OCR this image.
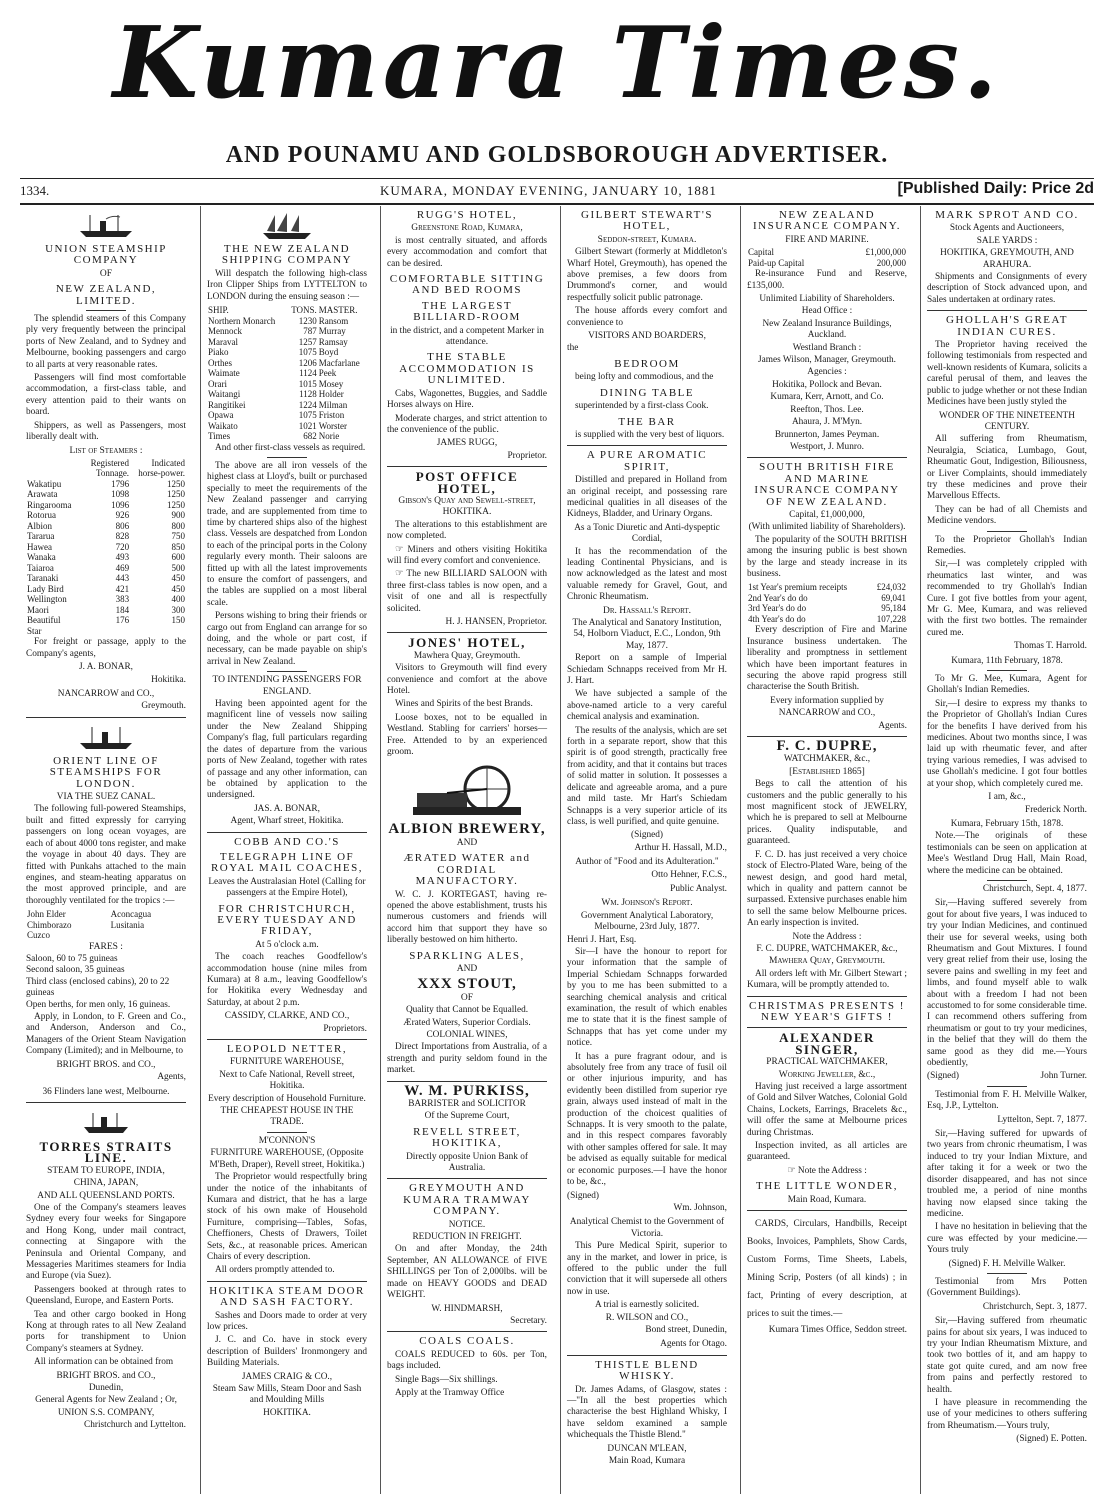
Kumara Times.
AND POUNAMU AND GOLDSBOROUGH ADVERTISER.
1334.	KUMARA, MONDAY EVENING, JANUARY 10, 1881	[Published Daily: Price 2d
UNION STEAMSHIP COMPANY
OF
NEW ZEALAND, LIMITED.
The splendid steamers of this Company ply very frequently between the principal ports of New Zealand, and to Sydney and Melbourne, booking passengers and cargo to all parts at very reasonable rates.
Passengers will find most comfortable accommodation, a first-class table, and every attention paid to their wants on board.
Shippers, as well as Passengers, most liberally dealt with.
List of Steamers :
	Registered Tonnage.	Indicated horse-power.
Wakatipu	1796	1250
Arawata	1098	1250
Ringarooma	1096	1250
Rotorua	926	900
Albion	806	800
Tararua	828	750
Hawea	720	850
Wanaka	493	600
Taiaroa	469	500
Taranaki	443	450
Lady Bird	421	450
Wellington	383	400
Maori	184	300
Beautiful Star	176	150
For freight or passage, apply to the Company's agents,
J. A. BONAR,
Hokitika.
NANCARROW and CO.,
Greymouth.
ORIENT LINE OF STEAMSHIPS FOR LONDON.
VIA THE SUEZ CANAL.
The following full-powered Steamships, built and fitted expressly for carrying passengers on long ocean voyages, are each of about 4000 tons register, and make the voyage in about 40 days. They are fitted with Punkahs attached to the main engines, and steam-heating apparatus on the most approved principle, and are thoroughly ventilated for the tropics :—
John Elder	Aconcagua
Chimborazo	Lusitania
Cuzco	
FARES :
Saloon, 60 to 75 guineas
Second saloon, 35 guineas
Third class (enclosed cabins), 20 to 22 guineas
Open berths, for men only, 16 guineas.
Apply, in London, to F. Green and Co., and Anderson, Anderson and Co., Managers of the Orient Steam Navigation Company (Limited); and in Melbourne, to
BRIGHT BROS. and CO.,
Agents,
36 Flinders lane west, Melbourne.
TORRES STRAITS LINE.
STEAM TO EUROPE, INDIA,
CHINA, JAPAN,
AND ALL QUEENSLAND PORTS.
One of the Company's steamers leaves Sydney every four weeks for Singapore and Hong Kong, under mail contract, connecting at Singapore with the Peninsula and Oriental Company, and Messageries Maritimes steamers for India and Europe (via Suez).
Passengers booked at through rates to Queensland, Europe, and Eastern Ports.
Tea and other cargo booked in Hong Kong at through rates to all New Zealand ports for transhipment to Union Company's steamers at Sydney.
All information can be obtained from
BRIGHT BROS. and CO.,
Dunedin,
General Agents for New Zealand ; Or,
UNION S.S. COMPANY,
Christchurch and Lyttelton.
THE NEW ZEALAND SHIPPING COMPANY
Will despatch the following high-class Iron Clipper Ships from LYTTELTON to LONDON during the ensuing season :—
SHIP.	TONS.	MASTER.
Northern Monarch	1230	Ransom
Mennock	787	Murray
Maraval	1257	Ramsay
Piako	1075	Boyd
Orthes	1206	Macfarlane
Waimate	1124	Peek
Orari	1015	Mosey
Waitangi	1128	Holder
Rangitikei	1224	Milman
Opawa	1075	Friston
Waikato	1021	Worster
Times	682	Norie
And other first-class vessels as required.
The above are all iron vessels of the highest class at Lloyd's, built or purchased specially to meet the requirements of the New Zealand passenger and carrying trade, and are supplemented from time to time by chartered ships also of the highest class. Vessels are despatched from London to each of the principal ports in the Colony regularly every month. Their saloons are fitted up with all the latest improvements to ensure the comfort of passengers, and the tables are supplied on a most liberal scale.
Persons wishing to bring their friends or cargo out from England can arrange for so doing, and the whole or part cost, if necessary, can be made payable on ship's arrival in New Zealand.
TO INTENDING PASSENGERS FOR ENGLAND.
Having been appointed agent for the magnificent line of vessels now sailing under the New Zealand Shipping Company's flag, full particulars regarding the dates of departure from the various ports of New Zealand, together with rates of passage and any other information, can be obtained by application to the undersigned.
JAS. A. BONAR,
Agent, Wharf street, Hokitika.
COBB AND CO.'S
TELEGRAPH LINE OF ROYAL MAIL COACHES,
Leaves the Australasian Hotel (Calling for passengers at the Empire Hotel),
FOR CHRISTCHURCH, EVERY TUESDAY AND FRIDAY,
At 5 o'clock a.m.
The coach reaches Goodfellow's accommodation house (nine miles from Kumara) at 8 a.m., leaving Goodfellow's for Hokitika every Wednesday and Saturday, at about 2 p.m.
CASSIDY, CLARKE, AND CO.,
Proprietors.
LEOPOLD NETTER,
FURNITURE WAREHOUSE,
Next to Cafe National, Revell street, Hokitika.
Every description of Household Furniture.
THE CHEAPEST HOUSE IN THE TRADE.
M'CONNON'S
FURNITURE WAREHOUSE, (Opposite M'Beth, Draper), Revell street, Hokitika.)
The Proprietor would respectfully bring under the notice of the inhabitants of Kumara and district, that he has a large stock of his own make of Household Furniture, comprising—Tables, Sofas, Cheffioners, Chests of Drawers, Toilet Sets, &c., at reasonable prices. American Chairs of every description.
All orders promptly attended to.
HOKITIKA STEAM DOOR AND SASH FACTORY.
Sashes and Doors made to order at very low prices.
J. C. and Co. have in stock every description of Builders' Ironmongery and Building Materials.
JAMES CRAIG & CO.,
Steam Saw Mills, Steam Door and Sash and Moulding Mills
HOKITIKA.
RUGG'S HOTEL,
Greenstone Road, Kumara,
is most centrally situated, and affords every accommodation and comfort that can be desired.
COMFORTABLE SITTING AND BED ROOMS
THE LARGEST BILLIARD-ROOM
in the district, and a competent Marker in attendance.
THE STABLE ACCOMMODATION IS UNLIMITED.
Cabs, Wagonettes, Buggies, and Saddle Horses always on Hire.
Moderate charges, and strict attention to the convenience of the public.
JAMES RUGG,
Proprietor.
POST OFFICE HOTEL,
Gibson's Quay and Sewell-street, HOKITIKA.
The alterations to this establishment are now completed.
☞ Miners and others visiting Hokitika will find every comfort and convenience.
☞ The new BILLIARD SALOON with three first-class tables is now open, and a visit of one and all is respectfully solicited.
H. J. HANSEN, Proprietor.
JONES' HOTEL,
Mawhera Quay, Greymouth.
Visitors to Greymouth will find every convenience and comfort at the above Hotel.
Wines and Spirits of the best Brands.
Loose boxes, not to be equalled in Westland. Stabling for carriers' horses—Free. Attended to by an experienced groom.
ALBION BREWERY,
AND
ÆRATED WATER and CORDIAL MANUFACTORY.
W. C. J. KORTEGAST, having re-opened the above establishment, trusts his numerous customers and friends will accord him that support they have so liberally bestowed on him hitherto.
SPARKLING ALES,
AND
XXX STOUT,
OF
Quality that Cannot be Equalled.
Ærated Waters, Superior Cordials.
COLONIAL WINES,
Direct Importations from Australia, of a strength and purity seldom found in the market.
W. M. PURKISS,
BARRISTER and SOLICITOR
Of the Supreme Court,
REVELL STREET, HOKITIKA,
Directly opposite Union Bank of Australia.
GREYMOUTH AND KUMARA TRAMWAY COMPANY.
NOTICE.
REDUCTION IN FREIGHT.
On and after Monday, the 24th September, AN ALLOWANCE of FIVE SHILLINGS per Ton of 2,000lbs. will be made on HEAVY GOODS and DEAD WEIGHT.
W. HINDMARSH,
Secretary.
COALS COALS.
COALS REDUCED to 60s. per Ton, bags included.
Single Bags—Six shillings.
Apply at the Tramway Office
GILBERT STEWART'S HOTEL,
Seddon-street, Kumara.
Gilbert Stewart (formerly at Middleton's Wharf Hotel, Greymouth), has opened the above premises, a few doors from Drummond's corner, and would respectfully solicit public patronage.
The house affords every comfort and convenience to
VISITORS AND BOARDERS,
the
BEDROOM
being lofty and commodious, and the
DINING TABLE
superintended by a first-class Cook.
THE BAR
is supplied with the very best of liquors.
A PURE AROMATIC SPIRIT,
Distilled and prepared in Holland from an original receipt, and possessing rare medicinal qualities in all diseases of the Kidneys, Bladder, and Urinary Organs.
As a Tonic Diuretic and Anti-dyspeptic Cordial,
It has the recommendation of the leading Continental Physicians, and is now acknowledged as the latest and most valuable remedy for Gravel, Gout, and Chronic Rheumatism.
Dr. Hassall's Report.
The Analytical and Sanatory Institution, 54, Holborn Viaduct, E.C., London, 9th May, 1877.
Report on a sample of Imperial Schiedam Schnapps received from Mr H. J. Hart.
We have subjected a sample of the above-named article to a very careful chemical analysis and examination.
The results of the analysis, which are set forth in a separate report, show that this spirit is of good strength, practically free from acidity, and that it contains but traces of solid matter in solution. It possesses a delicate and agreeable aroma, and a pure and mild taste. Mr Hart's Schiedam Schnapps is a very superior article of its class, is well purified, and quite genuine.
(Signed)
Arthur H. Hassall, M.D.,
Author of "Food and its Adulteration."
Otto Hehner, F.C.S.,
Public Analyst.
Wm. Johnson's Report.
Government Analytical Laboratory, Melbourne, 23rd July, 1877.
Henri J. Hart, Esq.
Sir—I have the honour to report for your information that the sample of Imperial Schiedam Schnapps forwarded by you to me has been submitted to a searching chemical analysis and critical examination, the result of which enables me to state that it is the finest sample of Schnapps that has yet come under my notice.
It has a pure fragrant odour, and is absolutely free from any trace of fusil oil or other injurious impurity, and has evidently been distilled from superior rye grain, always used instead of malt in the production of the choicest qualities of Schnapps. It is very smooth to the palate, and in this respect compares favorably with other samples offered for sale. It may be advised as equally suitable for medical or economic purposes.—I have the honor to be, &c.,
(Signed)
Wm. Johnson,
Analytical Chemist to the Government of Victoria.
This Pure Medical Spirit, superior to any in the market, and lower in price, is offered to the public under the full conviction that it will supersede all others now in use.
A trial is earnestly solicited.
R. WILSON and CO.,
Bond street, Dunedin,
Agents for Otago.
THISTLE BLEND WHISKY.
Dr. James Adams, of Glasgow, states :—"In all the best properties which characterise the best Highland Whisky, I have seldom examined a sample whichequals the Thistle Blend."
DUNCAN M'LEAN,
Main Road, Kumara
NEW ZEALAND INSURANCE COMPANY.
FIRE AND MARINE.
Capital	£1,000,000
Paid-up Capital	200,000
Re-insurance Fund and Reserve, £135,000.
Unlimited Liability of Shareholders.
Head Office :
New Zealand Insurance Buildings, Auckland.
Westland Branch :
James Wilson, Manager, Greymouth.
Agencies :
Hokitika, Pollock and Bevan.
Kumara, Kerr, Arnott, and Co.
Reefton, Thos. Lee.
Ahaura, J. M'Myn.
Brunnerton, James Peyman.
Westport, J. Munro.
SOUTH BRITISH FIRE AND MARINE INSURANCE COMPANY OF NEW ZEALAND.
Capital, £1,000,000,
(With unlimited liability of Shareholders).
The popularity of the SOUTH BRITISH among the insuring public is best shown by the large and steady increase in its business.
1st Year's premium receipts	£24,032
2nd Year's do do	69,041
3rd Year's do do	95,184
4th Year's do do	107,228
Every description of Fire and Marine Insurance business undertaken. The liberality and promptness in settlement which have been important features in securing the above rapid progress still characterise the South British.
Every information supplied by
NANCARROW and CO.,
Agents.
F. C. DUPRE,
WATCHMAKER, &c.,
[Established 1865]
Begs to call the attention of his customers and the public generally to his most magnificent stock of JEWELRY, which he is prepared to sell at Melbourne prices. Quality indisputable, and guaranteed.
F. C. D. has just received a very choice stock of Electro-Plated Ware, being of the newest design, and good hard metal, which in quality and pattern cannot be surpassed. Extensive purchases enable him to sell the same below Melbourne prices. An early inspection is invited.
Note the Address :
F. C. DUPRE, WATCHMAKER, &c.,
Mawhera Quay, Greymouth.
All orders left with Mr. Gilbert Stewart ; Kumara, will be promptly attended to.
CHRISTMAS PRESENTS ! NEW YEAR'S GIFTS !
ALEXANDER SINGER,
PRACTICAL WATCHMAKER,
Working Jeweller, &c.,
Having just received a large assortment of Gold and Silver Watches, Colonial Gold Chains, Lockets, Earrings, Bracelets &c., will offer the same at Melbourne prices during Christmas.
Inspection invited, as all articles are guaranteed.
☞ Note the Address :
THE LITTLE WONDER,
Main Road, Kumara.
CARDS, Circulars, Handbills, Receipt Books, Invoices, Pamphlets, Show Cards, Custom Forms, Time Sheets, Labels, Mining Scrip, Posters (of all kinds) ; in fact, Printing of every description, at prices to suit the times.—
Kumara Times Office, Seddon street.
MARK SPROT AND CO.
Stock Agents and Auctioneers,
SALE YARDS :
HOKITIKA, GREYMOUTH, AND ARAHURA.
Shipments and Consignments of every description of Stock advanced upon, and Sales undertaken at ordinary rates.
GHOLLAH'S GREAT INDIAN CURES.
The Proprietor having received the following testimonials from respected and well-known residents of Kumara, solicits a careful perusal of them, and leaves the public to judge whether or not these Indian Medicines have been justly styled the
WONDER OF THE NINETEENTH CENTURY.
All suffering from Rheumatism, Neuralgia, Sciatica, Lumbago, Gout, Rheumatic Gout, Indigestion, Biliousness, or Liver Complaints, should immediately try these medicines and prove their Marvellous Effects.
They can be had of all Chemists and Medicine vendors.
To the Proprietor Ghollah's Indian Remedies.
Sir,—I was completely crippled with rheumatics last winter, and was recommended to try Ghollah's Indian Cure. I got five bottles from your agent, Mr G. Mee, Kumara, and was relieved with the first two bottles. The remainder cured me.
Thomas T. Harrold.
Kumara, 11th February, 1878.
To Mr G. Mee, Kumara, Agent for Ghollah's Indian Remedies.
Sir,—I desire to express my thanks to the Proprietor of Ghollah's Indian Cures for the benefits I have derived from his medicines. About two months since, I was laid up with rheumatic fever, and after trying various remedies, I was advised to use Ghollah's medicine. I got four bottles at your shop, which completely cured me.
I am, &c.,
Frederick North.
Kumara, February 15th, 1878.
Note.—The originals of these testimonials can be seen on application at Mee's Westland Drug Hall, Main Road, where the medicine can be obtained.
Christchurch, Sept. 4, 1877.
Sir,—Having suffered severely from gout for about five years, I was induced to try your Indian Medicines, and continued their use for several weeks, using both Rheumatism and Gout Mixtures. I found very great relief from their use, losing the severe pains and swelling in my feet and limbs, and found myself able to walk about with a freedom I had not been accustomed to for some considerable time. I can recommend others suffering from rheumatism or gout to try your medicines, in the belief that they will do them the same good as they did me.—Yours obediently,
(Signed)	John Turner.
Testimonial from F. H. Melville Walker, Esq, J.P., Lyttelton.
Lyttelton, Sept. 7, 1877.
Sir,—Having suffered for upwards of two years from chronic rheumatism, I was induced to try your Indian Mixture, and after taking it for a week or two the disorder disappeared, and has not since troubled me, a period of nine months having now elapsed since taking the medicine.
I have no hesitation in believing that the cure was effected by your medicine.—Yours truly
(Signed) F. H. Melville Walker.
Testimonial from Mrs Potten (Government Buildings).
Christchurch, Sept. 3, 1877.
Sir,—Having suffered from rheumatic pains for about six years, I was induced to try your Indian Rheumatism Mixture, and took two bottles of it, and am happy to state got quite cured, and am now free from pains and perfectly restored to health.
I have pleasure in recommending the use of your medicines to others suffering from Rheumatism.—Yours truly,
(Signed) E. Potten.
